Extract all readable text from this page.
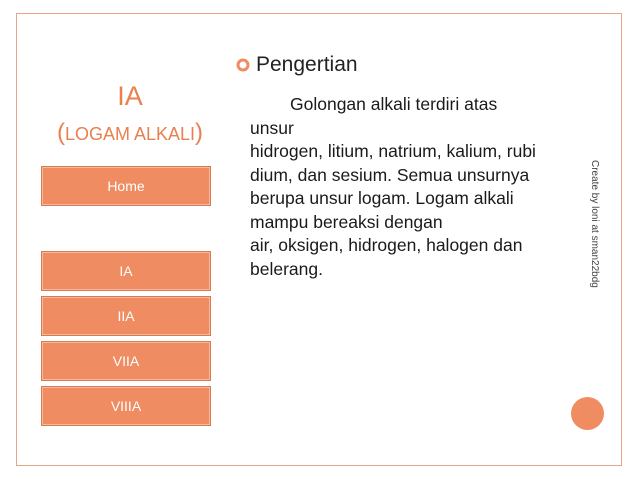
IA
(LOGAM ALKALI)
Home
IA
IIA
VIIA
VIIIA
Pengertian
Golongan alkali terdiri atas
unsur
hidrogen, litium, natrium, kalium, rubi
dium, dan sesium. Semua unsurnya
berupa unsur logam. Logam alkali
mampu bereaksi dengan
air, oksigen, hidrogen, halogen dan
belerang.	Create by loni at sman22bdg
